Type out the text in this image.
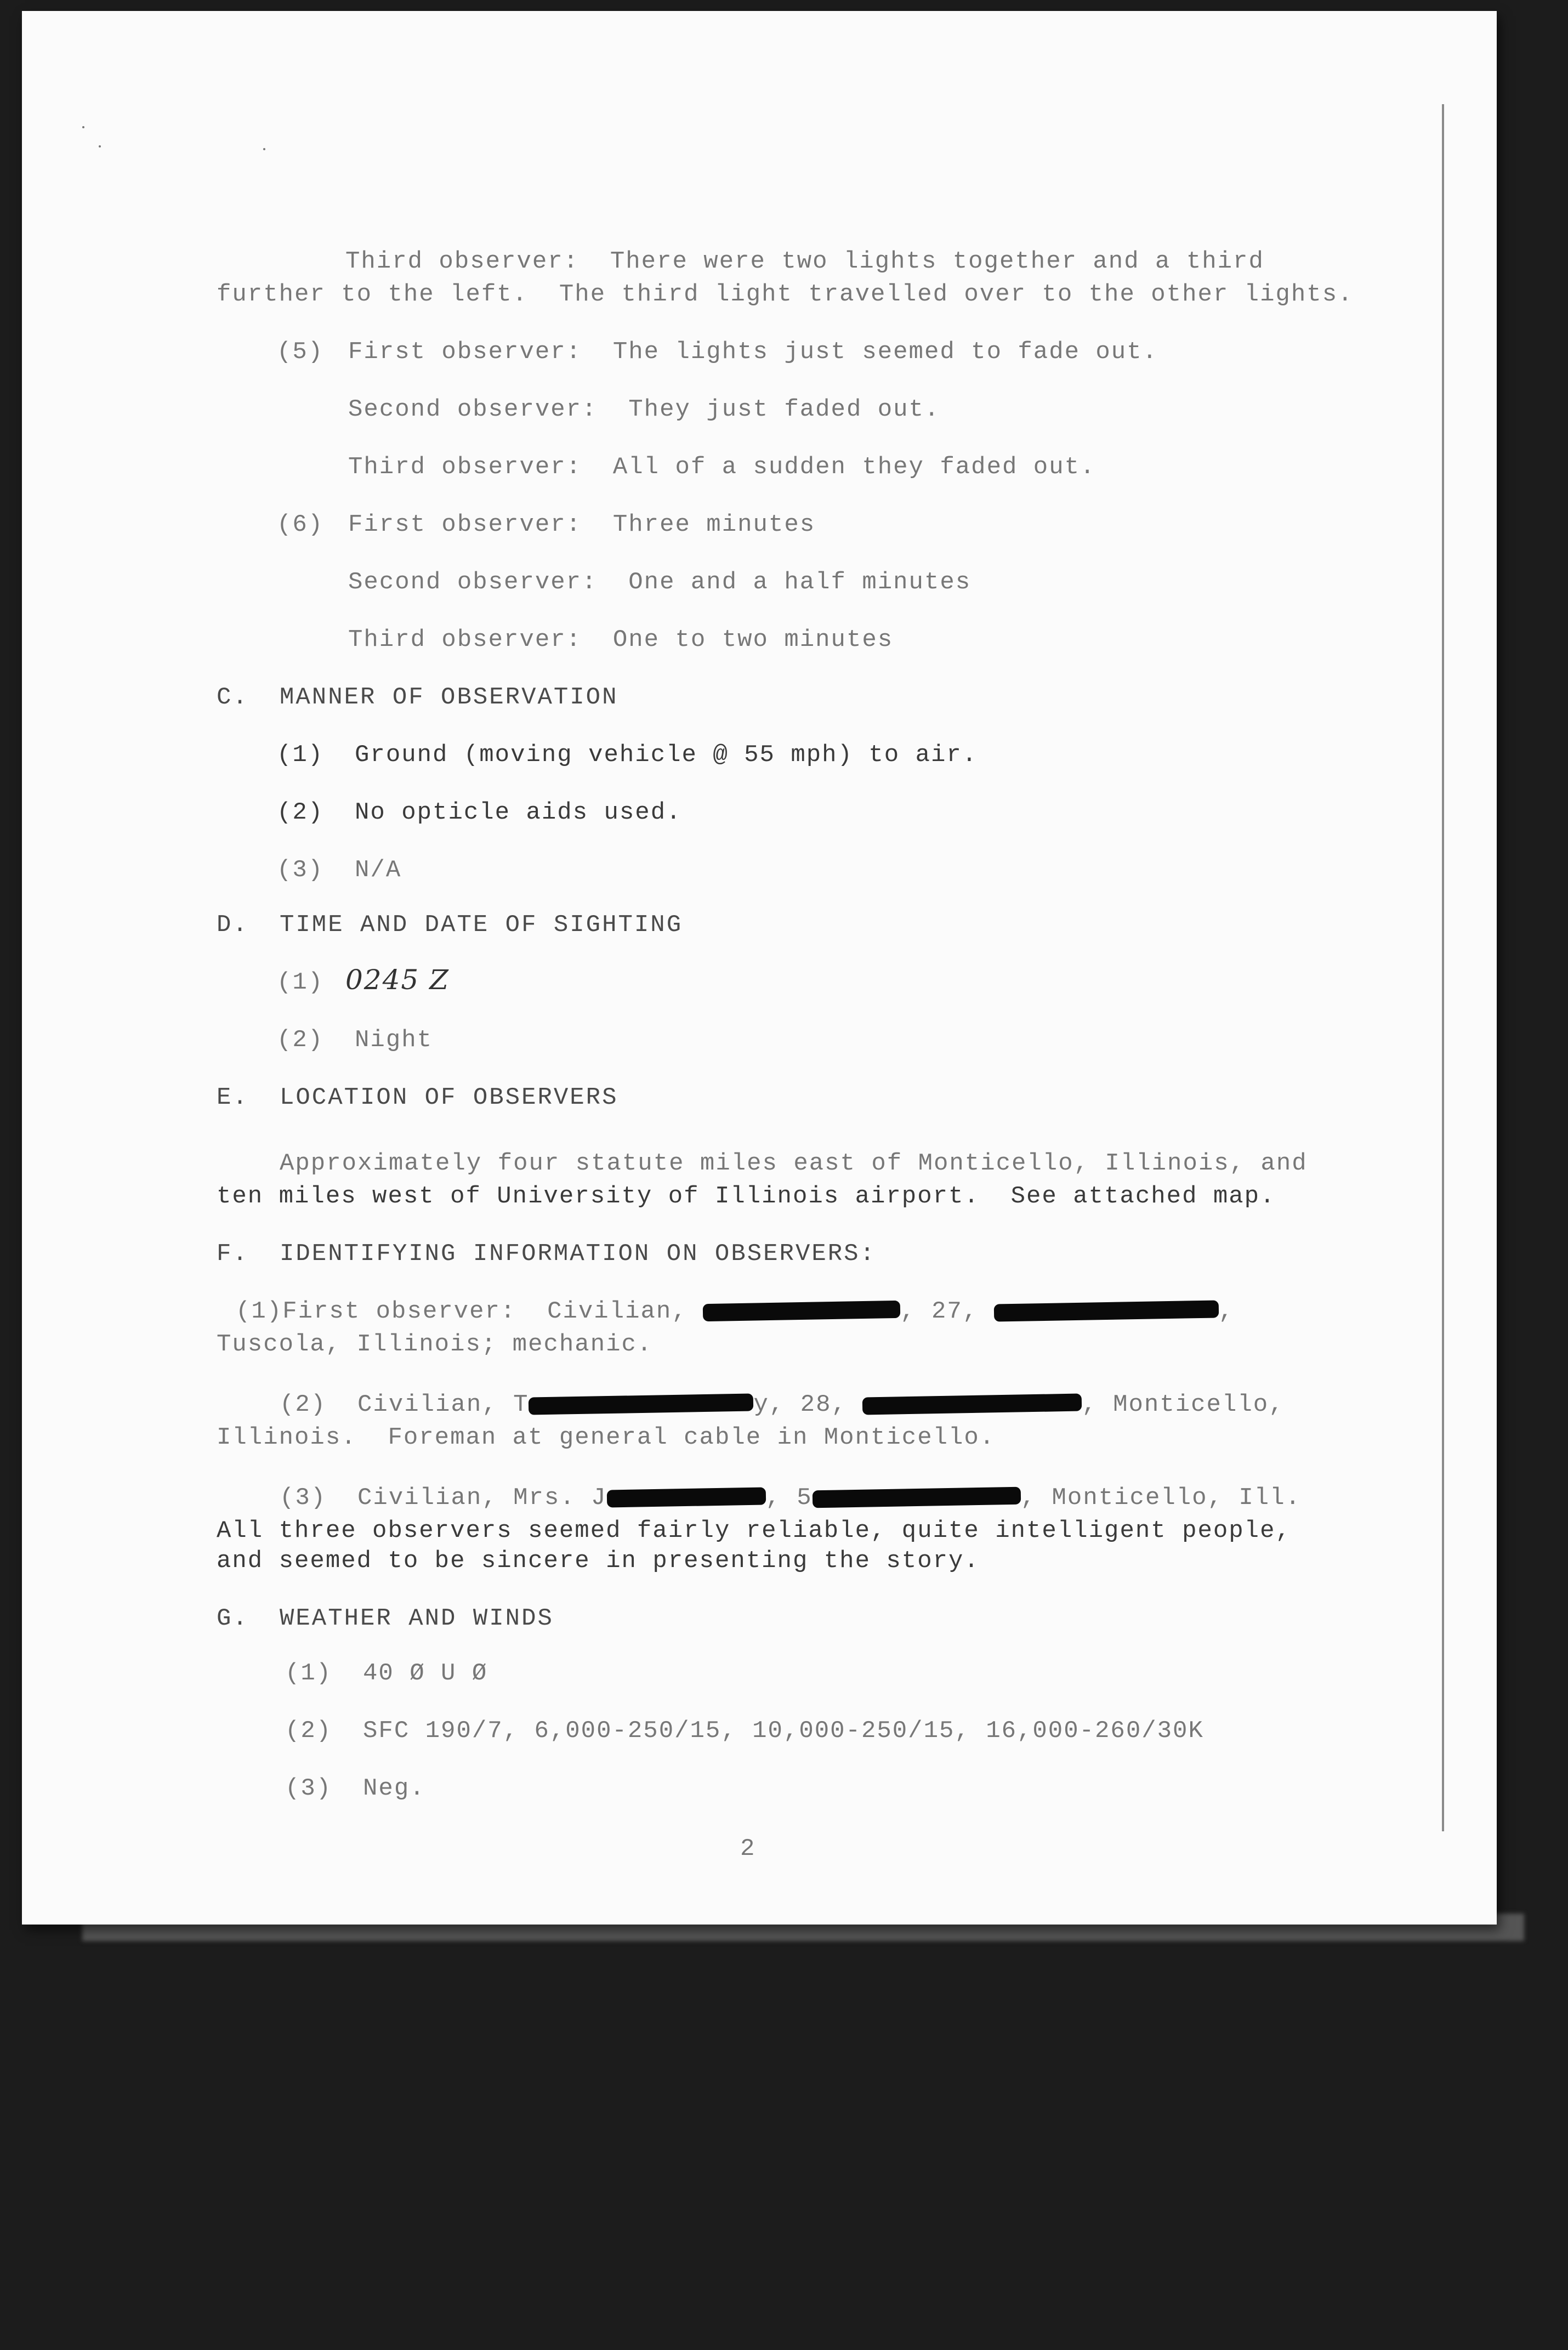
Third observer:  There were two lights together and a third
further to the left.  The third light travelled over to the other lights.
(5) First observer:  The lights just seemed to fade out.
Second observer:  They just faded out.
Third observer:  All of a sudden they faded out.
(6) First observer:  Three minutes
Second observer:  One and a half minutes
Third observer:  One to two minutes
C. MANNER OF OBSERVATION
(1)  Ground (moving vehicle @ 55 mph) to air.
(2)  No opticle aids used.
(3)  N/A
D. TIME AND DATE OF SIGHTING
(1) 0245 Z
(2)  Night
E. LOCATION OF OBSERVERS
Approximately four statute miles east of Monticello, Illinois, and
ten miles west of University of Illinois airport.  See attached map.
F. IDENTIFYING INFORMATION ON OBSERVERS:
(1)First observer:  Civilian,	, 27,	,
Tuscola, Illinois; mechanic.
(2)  Civilian, T	y, 28,	, Monticello,
Illinois.  Foreman at general cable in Monticello.
(3)  Civilian, Mrs. J	, 5	, Monticello, Ill.
All three observers seemed fairly reliable, quite intelligent people,
and seemed to be sincere in presenting the story.
G. WEATHER AND WINDS
(1)  40 Ø U Ø
(2)  SFC 190/7, 6,000-250/15, 10,000-250/15, 16,000-260/30K
(3)  Neg.
2
